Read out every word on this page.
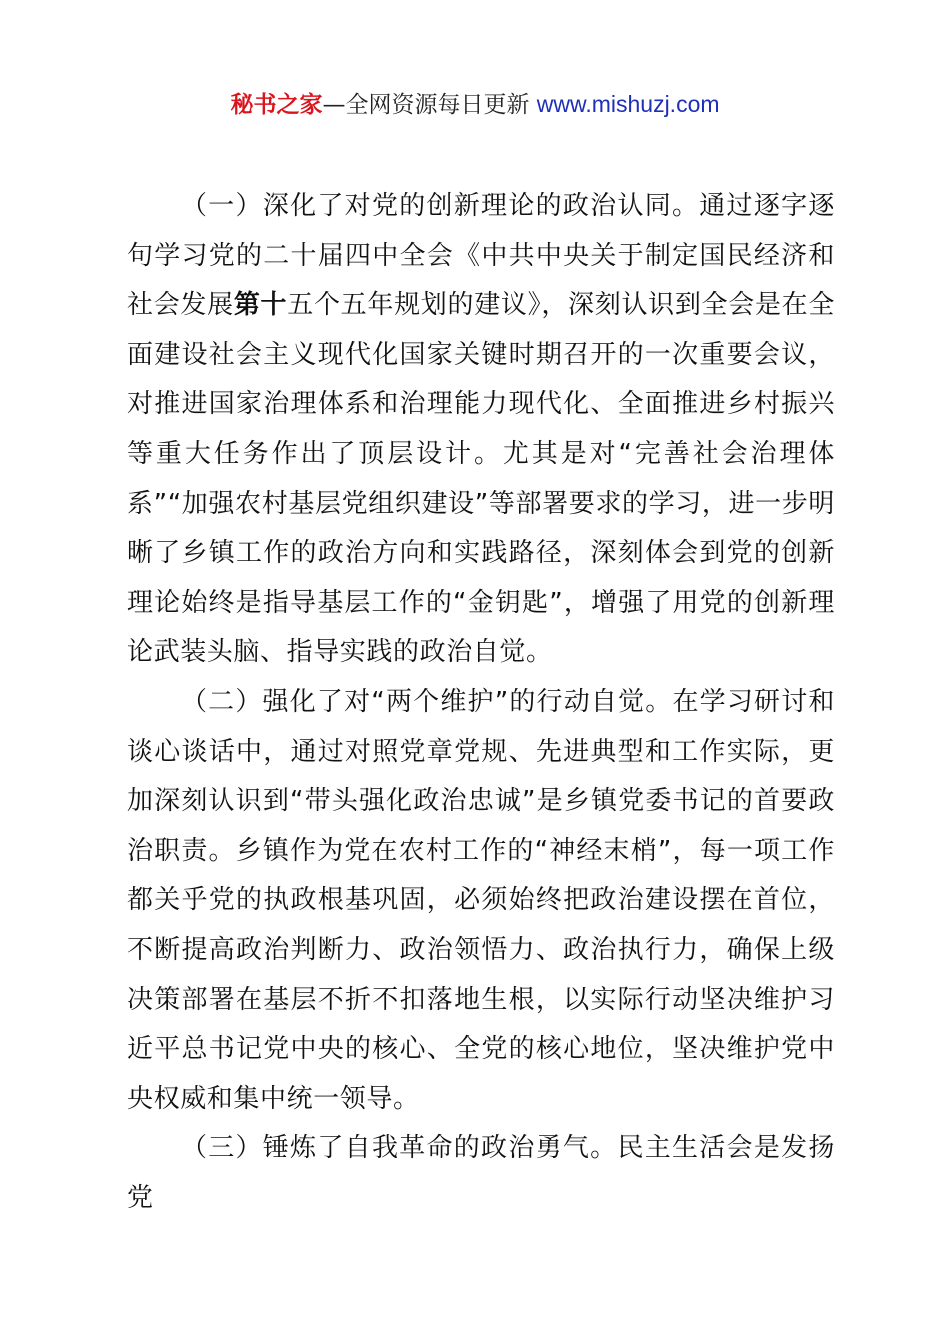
秘书之家—全网资源每日更新 www.mishuzj.com

（一）深化了对党的创新理论的政治认同。通过逐字逐句学习党的二十届四中全会《中共中央关于制定国民经济和社会发展第十五个五年规划的建议》，深刻认识到全会是在全面建设社会主义现代化国家关键时期召开的一次重要会议，对推进国家治理体系和治理能力现代化、全面推进乡村振兴等重大任务作出了顶层设计。尤其是对“完善社会治理体系”“加强农村基层党组织建设”等部署要求的学习，进一步明晰了乡镇工作的政治方向和实践路径，深刻体会到党的创新理论始终是指导基层工作的“金钥匙”，增强了用党的创新理论武装头脑、指导实践的政治自觉。

（二）强化了对“两个维护”的行动自觉。在学习研讨和谈心谈话中，通过对照党章党规、先进典型和工作实际，更加深刻认识到“带头强化政治忠诚”是乡镇党委书记的首要政治职责。乡镇作为党在农村工作的“神经末梢”，每一项工作都关乎党的执政根基巩固，必须始终把政治建设摆在首位，不断提高政治判断力、政治领悟力、政治执行力，确保上级决策部署在基层不折不扣落地生根，以实际行动坚决维护习近平总书记党中央的核心、全党的核心地位，坚决维护党中央权威和集中统一领导。

（三）锤炼了自我革命的政治勇气。民主生活会是发扬党
